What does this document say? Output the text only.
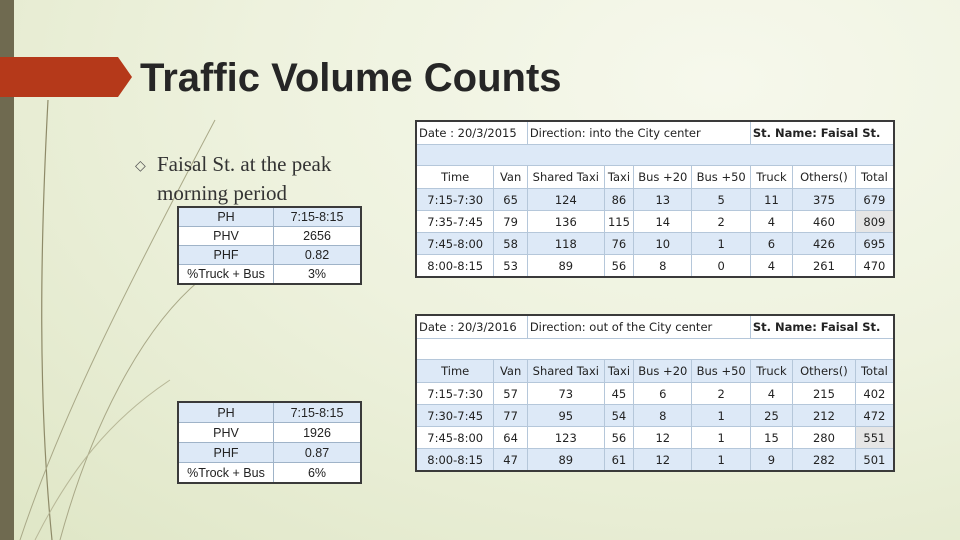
Traffic Volume Counts
◇ Faisal St. at the peak morning period
PH	7:15-8:15
PHV	2656
PHF	0.82
%Truck + Bus	3%
PH	7:15-8:15
PHV	1926
PHF	0.87
%Trock + Bus	6%
Date : 20/3/2015		Direction: into the City center				St. Name: Faisal St.		

Time	Van	Shared Taxi	Taxi	Bus +20	Bus +50	Truck	Others()	Total
7:15-7:30	65	124	86	13	5	11	375	679
7:35-7:45	79	136	115	14	2	4	460	809
7:45-8:00	58	118	76	10	1	6	426	695
8:00-8:15	53	89	56	8	0	4	261	470
Date : 20/3/2016		Direction: out of the City center				St. Name: Faisal St.		

Time	Van	Shared Taxi	Taxi	Bus +20	Bus +50	Truck	Others()	Total
7:15-7:30	57	73	45	6	2	4	215	402
7:30-7:45	77	95	54	8	1	25	212	472
7:45-8:00	64	123	56	12	1	15	280	551
8:00-8:15	47	89	61	12	1	9	282	501
